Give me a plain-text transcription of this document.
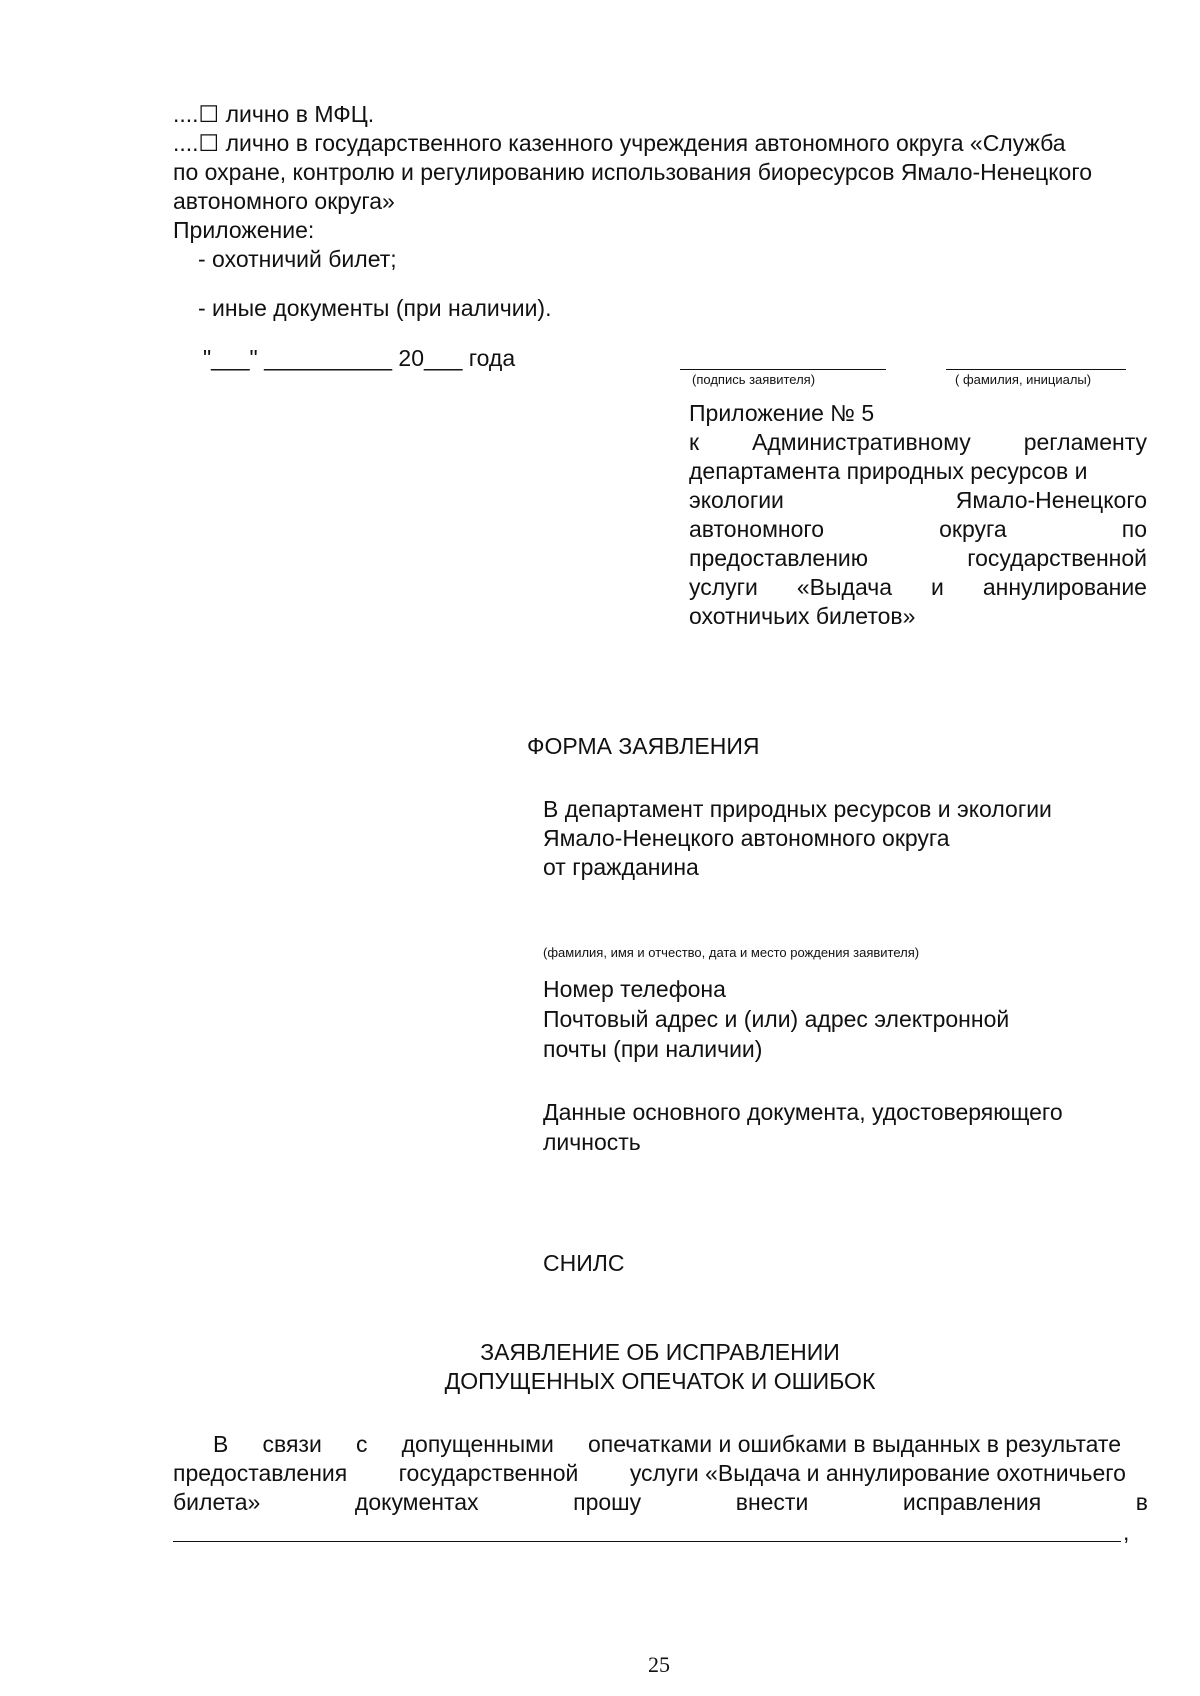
....☐ лично в МФЦ.

....☐ лично в государственного казенного учреждения автономного округа «Служба

по охране, контролю и регулированию использования биоресурсов Ямало-Ненецкого

автономного округа»

Приложение:

- охотничий билет;

- иные документы (при наличии).

"___" __________ 20___ года

(подпись заявителя)	( фамилия, инициалы)

Приложение № 5

к Административному регламенту
департамента природных ресурсов и
экологии	Ямало-Ненецкого
автономного	округа	по
предоставлению	государственной
услуги «Выдача и аннулирование

охотничьих билетов»

ФОРМА ЗАЯВЛЕНИЯ

В департамент природных ресурсов и экологии

Ямало-Ненецкого автономного округа

от гражданина

(фамилия, имя и отчество, дата и место рождения заявителя)

Номер телефона

Почтовый адрес и (или) адрес электронной

почты (при наличии)

Данные основного документа, удостоверяющего

личность

СНИЛС

ЗАЯВЛЕНИЕ ОБ ИСПРАВЛЕНИИ
ДОПУЩЕННЫХ ОПЕЧАТОК И ОШИБОК
В связи с допущенными опечатками и ошибками в выданных в результате
предоставления государственной услуги «Выдача и аннулирование охотничьего
билета»	документах	прошу	внести	исправления	в

,

25
